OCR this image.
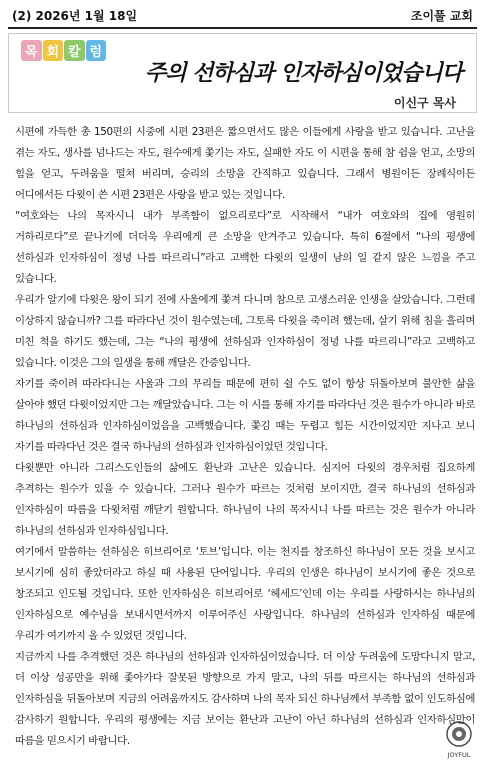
(2) 2026년 1월 18일	조이풀 교회
목 회 칼 럼
주의 선하심과 인자하심이었습니다
이신구 목사

시편에 가득한 총 150편의 시중에 시편 23편은 짧으면서도 많은 이들에게 사랑을 받고 있습니다. 고난을 겪는 자도, 생사를 넘나드는 자도, 원수에게 쫓기는 자도, 실패한 자도 이 시편을 통해 참 쉼을 얻고, 소망의 힘을 얻고, 두려움을 떨쳐 버리며, 승리의 소망을 간직하고 있습니다. 그래서 병원이든 장례식이든 어디에서든 다윗이 쓴 시편 23편은 사랑을 받고 있는 것입니다.

“여호와는 나의 목자시니 내가 부족함이 없으리로다”로 시작해서 “내가 여호와의 집에 영원히 거하리로다”로 끝나기에 더더욱 우리에게 큰 소망을 안겨주고 있습니다. 특히 6절에서 “나의 평생에 선하심과 인자하심이 정녕 나를 따르리니”라고 고백한 다윗의 일생이 남의 일 같지 않은 느낌을 주고 있습니다.

우리가 알기에 다윗은 왕이 되기 전에 사울에게 쫓겨 다니며 참으로 고생스러운 인생을 살았습니다. 그런데 이상하지 않습니까? 그를 따라다닌 것이 원수였는데, 그토록 다윗을 죽이려 했는데, 살기 위해 침을 흘리며 미친 척을 하기도 했는데, 그는 “나의 평생에 선하심과 인자하심이 정녕 나를 따르리니”라고 고백하고 있습니다. 이것은 그의 일생을 통해 깨달은 간증입니다.

자기를 죽이려 따라다니는 사울과 그의 무리들 때문에 편히 쉴 수도 없이 항상 뒤돌아보며 불안한 삶을 살아야 했던 다윗이었지만 그는 깨달았습니다. 그는 이 시를 통해 자기를 따라다닌 것은 원수가 아니라 바로 하나님의 선하심과 인자하심이었음을 고백했습니다. 쫓김 때는 두렵고 힘든 시간이었지만 지나고 보니 자기를 따라다닌 것은 결국 하나님의 선하심과 인자하심이었던 것입니다.

다윗뿐만 아니라 그리스도인들의 삶에도 환난과 고난은 있습니다. 심지어 다윗의 경우처럼 집요하게 추격하는 원수가 있을 수 있습니다. 그러나 원수가 따르는 것처럼 보이지만, 결국 하나님의 선하심과 인자하심이 따름을 다윗처럼 깨닫기 원합니다. 하나님이 나의 목자시니 나를 따르는 것은 원수가 아니라 하나님의 선하심과 인자하심입니다.

여기에서 말씀하는 선하심은 히브리어로 ‘토브’입니다. 이는 천지를 창조하신 하나님이 모든 것을 보시고 보시기에 심히 좋았더라고 하실 때 사용된 단어입니다. 우리의 인생은 하나님이 보시기에 좋은 것으로 창조되고 인도될 것입니다. 또한 인자하심은 히브리어로 ‘헤세드’인데 이는 우리를 사랑하시는 하나님의 인자하심으로 예수님을 보내시면서까지 이루어주신 사랑입니다. 하나님의 선하심과 인자하심 때문에 우리가 여기까지 올 수 있었던 것입니다.

지금까지 나를 추격했던 것은 하나님의 선하심과 인자하심이었습니다. 더 이상 두려움에 도망다니지 말고, 더 이상 성공만을 위해 좇아가다 잘못된 방향으로 가지 말고, 나의 뒤를 따르시는 하나님의 선하심과 인자하심을 뒤돌아보며 지금의 어려움까지도 감사하며 나의 목자 되신 하나님께서 부족함 없이 인도하심에 감사하기 원합니다. 우리의 평생에는 지금 보이는 환난과 고난이 아닌 하나님의 선하심과 인자하심만이 따름을 믿으시기 바랍니다.

JOYFUL
